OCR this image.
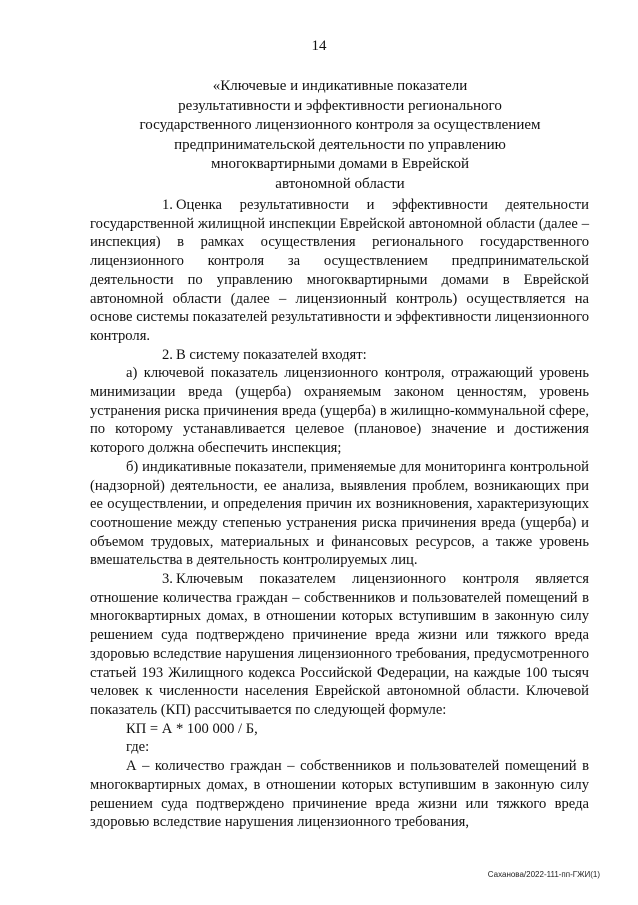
14
«Ключевые и индикативные показатели
результативности и эффективности регионального
государственного лицензионного контроля за осуществлением
предпринимательской деятельности по управлению
многоквартирными домами в Еврейской
автономной области

1. Оценка результативности и эффективности деятельности государственной жилищной инспекции Еврейской автономной области (далее – инспекция) в рамках осуществления регионального государственного лицензионного контроля за осуществлением предпринимательской деятельности по управлению многоквартирными домами в Еврейской автономной области (далее – лицензионный контроль) осуществляется на основе системы показателей результативности и эффективности лицензионного контроля.

2. В систему показателей входят:

а) ключевой показатель лицензионного контроля, отражающий уровень минимизации вреда (ущерба) охраняемым законом ценностям, уровень устранения риска причинения вреда (ущерба) в жилищно-коммунальной сфере, по которому устанавливается целевое (плановое) значение и достижения которого должна обеспечить инспекция;

б) индикативные показатели, применяемые для мониторинга контрольной (надзорной) деятельности, ее анализа, выявления проблем, возникающих при ее осуществлении, и определения причин их возникновения, характеризующих соотношение между степенью устранения риска причинения вреда (ущерба) и объемом трудовых, материальных и финансовых ресурсов, а также уровень вмешательства в деятельность контролируемых лиц.

3. Ключевым показателем лицензионного контроля является отношение количества граждан – собственников и пользователей помещений в многоквартирных домах, в отношении которых вступившим в законную силу решением суда подтверждено причинение вреда жизни или тяжкого вреда здоровью вследствие нарушения лицензионного требования, предусмотренного статьей 193 Жилищного кодекса Российской Федерации, на каждые 100 тысяч человек к численности населения Еврейской автономной области. Ключевой показатель (КП) рассчитывается по следующей формуле:

КП = А * 100 000 / Б,

где:

А – количество граждан – собственников и пользователей помещений в многоквартирных домах, в отношении которых вступившим в законную силу решением суда подтверждено причинение вреда жизни или тяжкого вреда здоровью вследствие нарушения лицензионного требования,

Саханова/2022-111-пп-ГЖИ(1)
